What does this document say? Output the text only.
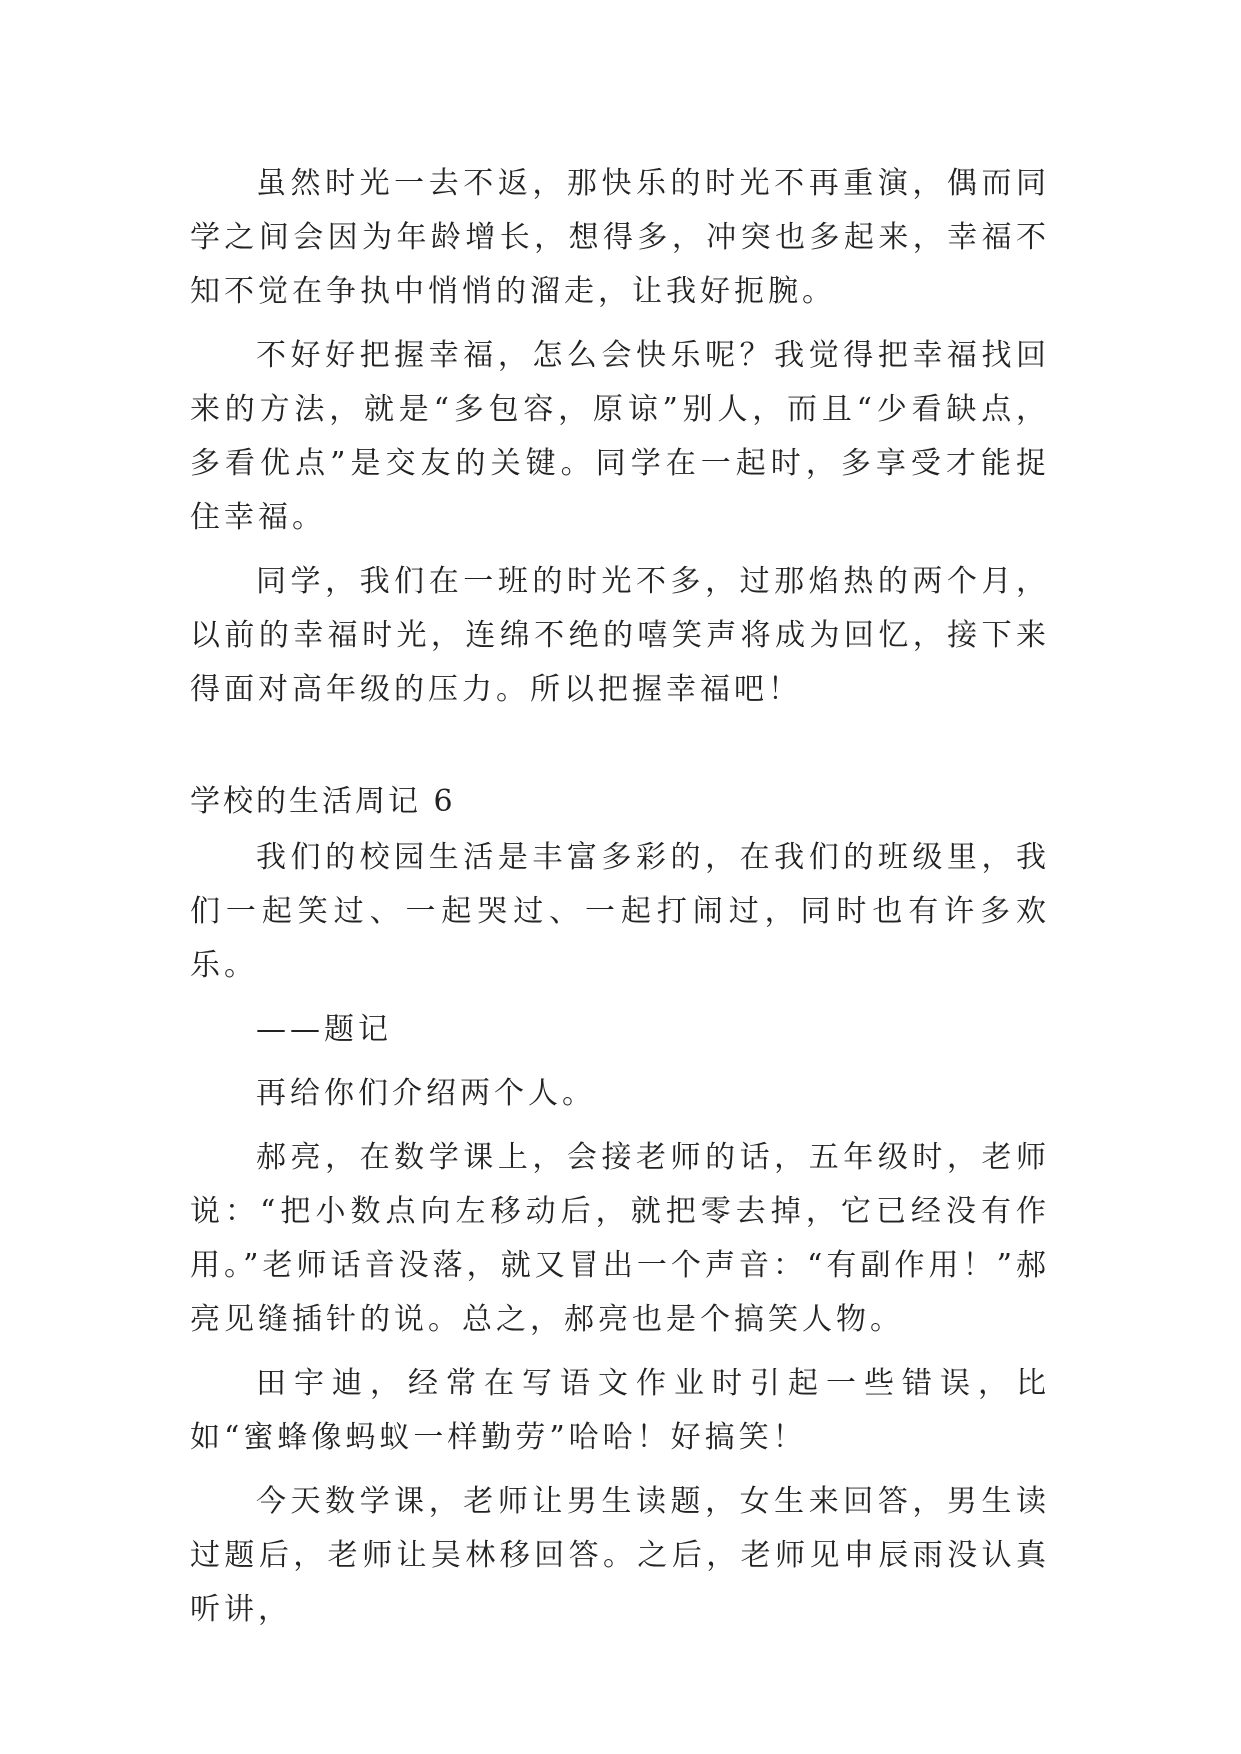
虽然时光一去不返，那快乐的时光不再重演，偶而同学之间会因为年龄增长，想得多，冲突也多起来，幸福不知不觉在争执中悄悄的溜走，让我好扼腕。

不好好把握幸福，怎么会快乐呢？我觉得把幸福找回来的方法，就是“多包容，原谅”别人，而且“少看缺点，多看优点”是交友的关键。同学在一起时，多享受才能捉住幸福。

同学，我们在一班的时光不多，过那焰热的两个月，以前的幸福时光，连绵不绝的嘻笑声将成为回忆，接下来得面对高年级的压力。所以把握幸福吧！

学校的生活周记 6

我们的校园生活是丰富多彩的，在我们的班级里，我们一起笑过、一起哭过、一起打闹过，同时也有许多欢乐。

——题记

再给你们介绍两个人。

郝亮，在数学课上，会接老师的话，五年级时，老师说：“把小数点向左移动后，就把零去掉，它已经没有作用。”老师话音没落，就又冒出一个声音：“有副作用！”郝亮见缝插针的说。总之，郝亮也是个搞笑人物。

田宇迪，经常在写语文作业时引起一些错误，比如“蜜蜂像蚂蚁一样勤劳”哈哈！好搞笑！

今天数学课，老师让男生读题，女生来回答，男生读过题后，老师让吴林移回答。之后，老师见申辰雨没认真听讲，
